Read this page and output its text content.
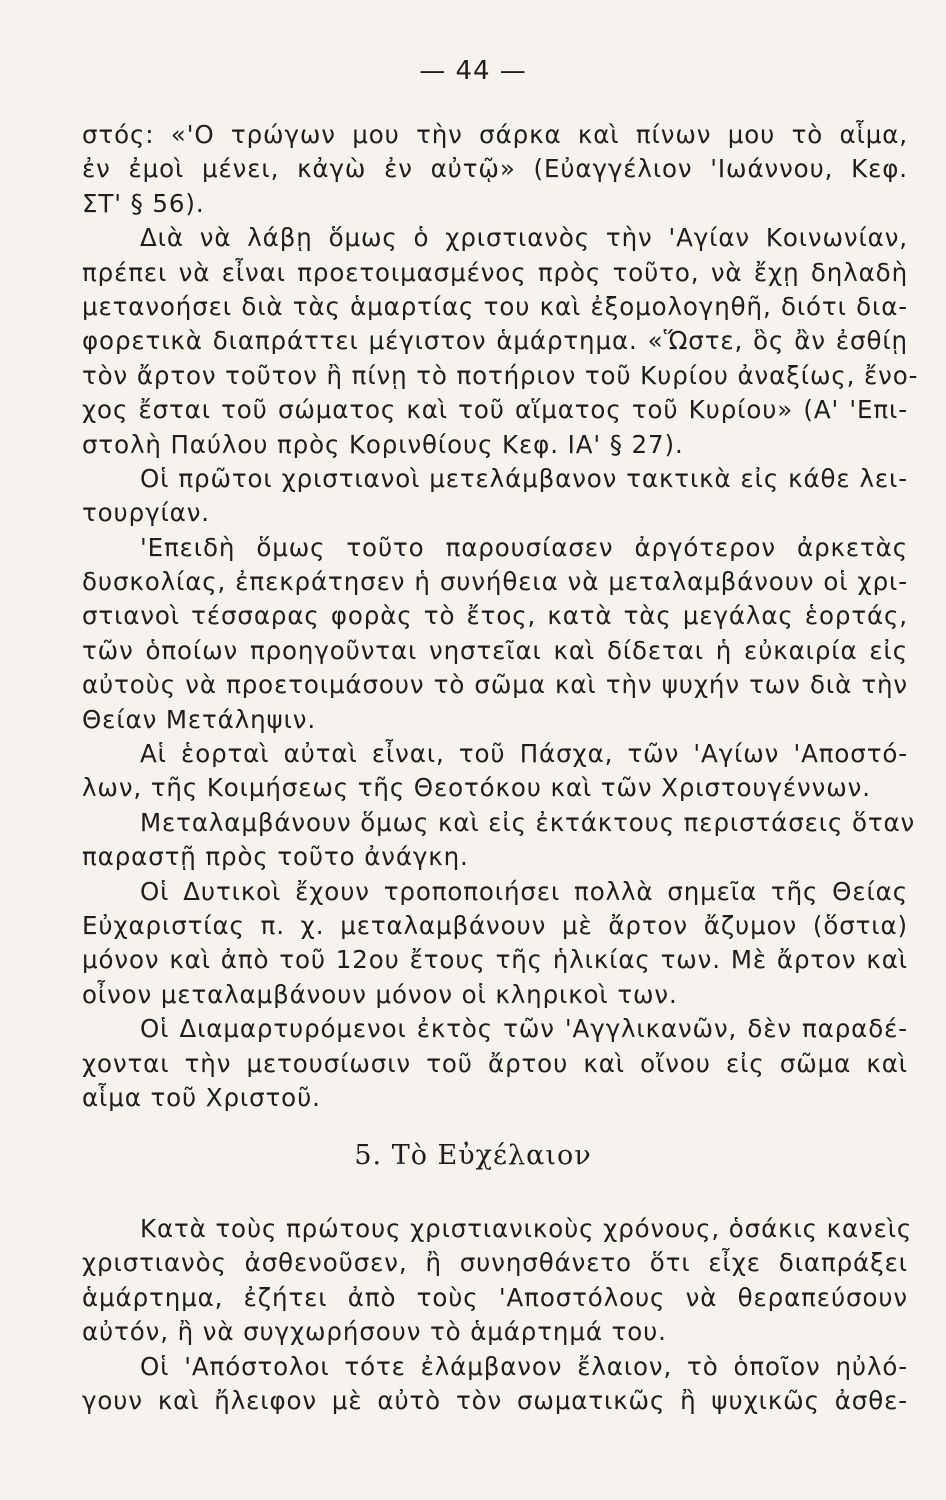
— 44 —
στός: «'Ο τρώγων μου τὴν σάρκα καὶ πίνων μου τὸ αἷμα,
ἐν ἐμοὶ μένει, κἀγὼ ἐν αὐτῷ» (Εὐαγγέλιον 'Ιωάννου, Κεφ.
ΣΤ' § 56).
Διὰ νὰ λάβῃ ὅμως ὁ χριστιανὸς τὴν 'Αγίαν Κοινωνίαν,
πρέπει νὰ εἶναι προετοιμασμένος πρὸς τοῦτο, νὰ ἔχῃ δηλαδὴ
μετανοήσει διὰ τὰς ἁμαρτίας του καὶ ἐξομολογηθῆ, διότι δια-
φορετικὰ διαπράττει μέγιστον ἁμάρτημα. «Ὥστε, ὃς ἂν ἐσθίῃ
τὸν ἄρτον τοῦτον ἢ πίνῃ τὸ ποτήριον τοῦ Κυρίου ἀναξίως, ἔνο-
χος ἔσται τοῦ σώματος καὶ τοῦ αἵματος τοῦ Κυρίου» (Α' 'Επι-
στολὴ Παύλου πρὸς Κορινθίους Κεφ. ΙΑ' § 27).
Οἱ πρῶτοι χριστιανοὶ μετελάμβανον τακτικὰ εἰς κάθε λει-
τουργίαν.
'Επειδὴ ὅμως τοῦτο παρουσίασεν ἀργότερον ἀρκετὰς
δυσκολίας, ἐπεκράτησεν ἡ συνήθεια νὰ μεταλαμβάνουν οἱ χρι-
στιανοὶ τέσσαρας φορὰς τὸ ἔτος, κατὰ τὰς μεγάλας ἑορτάς,
τῶν ὁποίων προηγοῦνται νηστεῖαι καὶ δίδεται ἡ εὐκαιρία εἰς
αὐτοὺς νὰ προετοιμάσουν τὸ σῶμα καὶ τὴν ψυχήν των διὰ τὴν
Θείαν Μετάληψιν.
Αἱ ἑορταὶ αὐταὶ εἶναι, τοῦ Πάσχα, τῶν 'Αγίων 'Αποστό-
λων, τῆς Κοιμήσεως τῆς Θεοτόκου καὶ τῶν Χριστουγέννων.
Μεταλαμβάνουν ὅμως καὶ εἰς ἐκτάκτους περιστάσεις ὅταν
παραστῇ πρὸς τοῦτο ἀνάγκη.
Οἱ Δυτικοὶ ἔχουν τροποποιήσει πολλὰ σημεῖα τῆς Θείας
Εὐχαριστίας π. χ. μεταλαμβάνουν μὲ ἄρτον ἄζυμον (ὅστια)
μόνον καὶ ἀπὸ τοῦ 12ου ἔτους τῆς ἡλικίας των. Μὲ ἄρτον καὶ
οἶνον μεταλαμβάνουν μόνον οἱ κληρικοὶ των.
Οἱ Διαμαρτυρόμενοι ἐκτὸς τῶν 'Αγγλικανῶν, δὲν παραδέ-
χονται τὴν μετουσίωσιν τοῦ ἄρτου καὶ οἴνου εἰς σῶμα καὶ
αἷμα τοῦ Χριστοῦ.
5. Τὸ Εὐχέλαιον
Κατὰ τοὺς πρώτους χριστιανικοὺς χρόνους, ὁσάκις κανεὶς
χριστιανὸς ἀσθενοῦσεν, ἢ συνησθάνετο ὅτι εἶχε διαπράξει
ἁμάρτημα, ἐζήτει ἀπὸ τοὺς 'Αποστόλους νὰ θεραπεύσουν
αὐτόν, ἢ νὰ συγχωρήσουν τὸ ἁμάρτημά του.
Οἱ 'Απόστολοι τότε ἐλάμβανον ἔλαιον, τὸ ὁποῖον ηὐλό-
γουν καὶ ἤλειφον μὲ αὐτὸ τὸν σωματικῶς ἢ ψυχικῶς ἀσθε-
